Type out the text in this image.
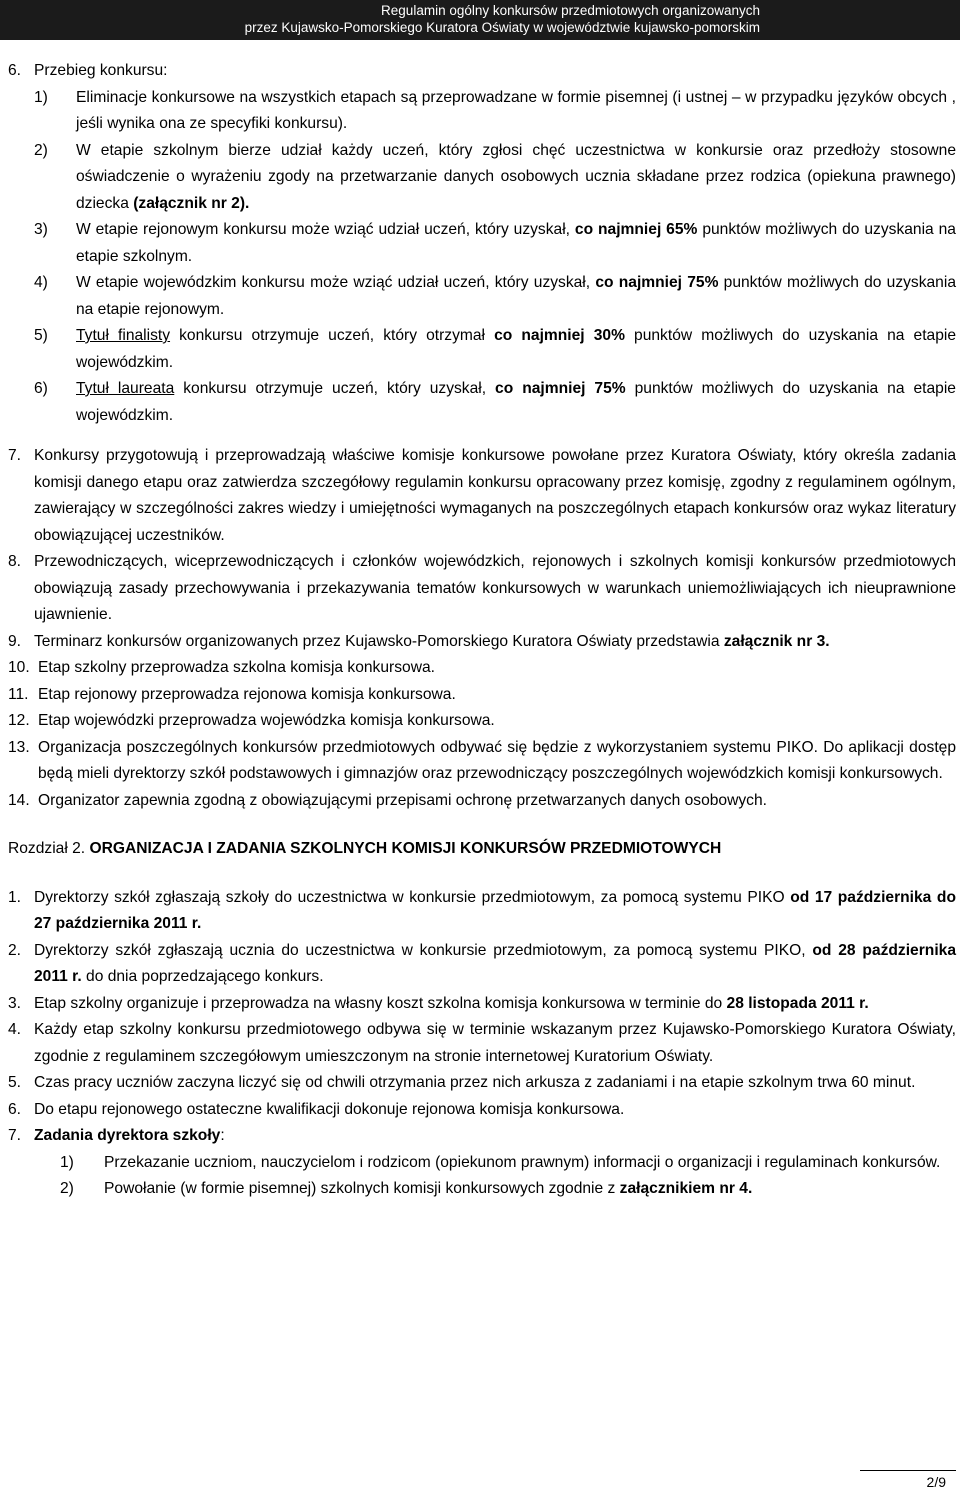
Regulamin ogólny konkursów przedmiotowych organizowanych
przez Kujawsko-Pomorskiego Kuratora Oświaty w województwie kujawsko-pomorskim
6. Przebieg konkursu:
1)	Eliminacje konkursowe na wszystkich etapach są przeprowadzane w formie pisemnej (i ustnej – w przypadku języków obcych , jeśli wynika ona ze specyfiki konkursu).
2)	W etapie szkolnym bierze udział każdy uczeń, który zgłosi chęć uczestnictwa w konkursie oraz przedłoży stosowne oświadczenie o wyrażeniu zgody na przetwarzanie danych osobowych ucznia składane przez rodzica (opiekuna prawnego) dziecka (załącznik nr 2).
3)	W etapie rejonowym konkursu może wziąć udział uczeń, który uzyskał, co najmniej 65% punktów możliwych do uzyskania na etapie szkolnym.
4)	W etapie wojewódzkim konkursu może wziąć udział uczeń, który uzyskał, co najmniej 75% punktów możliwych do uzyskania na etapie rejonowym.
5)	Tytuł finalisty konkursu otrzymuje uczeń, który otrzymał co najmniej 30% punktów możliwych do uzyskania na etapie wojewódzkim.
6)	Tytuł laureata konkursu otrzymuje uczeń, który uzyskał, co najmniej 75% punktów możliwych do uzyskania na etapie wojewódzkim.
7. Konkursy przygotowują i przeprowadzają właściwe komisje konkursowe powołane przez Kuratora Oświaty, który określa zadania komisji danego etapu oraz zatwierdza szczegółowy regulamin konkursu opracowany przez komisję, zgodny z regulaminem ogólnym, zawierający w szczególności zakres wiedzy i umiejętności wymaganych na poszczególnych etapach konkursów oraz wykaz literatury obowiązującej uczestników.
8. Przewodniczących, wiceprzewodniczących i członków wojewódzkich, rejonowych i szkolnych komisji konkursów przedmiotowych obowiązują zasady przechowywania i przekazywania tematów konkursowych w warunkach uniemożliwiających ich nieuprawnione ujawnienie.
9. Terminarz konkursów organizowanych przez Kujawsko-Pomorskiego Kuratora Oświaty przedstawia załącznik nr 3.
10. Etap szkolny przeprowadza szkolna komisja konkursowa.
11. Etap rejonowy przeprowadza rejonowa komisja konkursowa.
12. Etap wojewódzki przeprowadza wojewódzka komisja konkursowa.
13. Organizacja poszczególnych konkursów przedmiotowych odbywać się będzie z wykorzystaniem systemu PIKO. Do aplikacji dostęp będą mieli dyrektorzy szkół podstawowych i gimnazjów oraz przewodniczący poszczególnych wojewódzkich komisji konkursowych.
14. Organizator zapewnia zgodną z obowiązującymi przepisami ochronę przetwarzanych danych osobowych.
Rozdział 2. ORGANIZACJA I ZADANIA SZKOLNYCH KOMISJI KONKURSÓW PRZEDMIOTOWYCH
1. Dyrektorzy szkół zgłaszają szkoły do uczestnictwa w konkursie przedmiotowym, za pomocą systemu PIKO od 17 października do 27 października 2011 r.
2. Dyrektorzy szkół zgłaszają ucznia do uczestnictwa w konkursie przedmiotowym, za pomocą systemu PIKO, od 28 października 2011 r. do dnia poprzedzającego konkurs.
3. Etap szkolny organizuje i przeprowadza na własny koszt szkolna komisja konkursowa w terminie do 28 listopada 2011 r.
4. Każdy etap szkolny konkursu przedmiotowego odbywa się w terminie wskazanym przez Kujawsko-Pomorskiego Kuratora Oświaty, zgodnie z regulaminem szczegółowym umieszczonym na stronie internetowej Kuratorium Oświaty.
5. Czas pracy uczniów zaczyna liczyć się od chwili otrzymania przez nich arkusza z zadaniami i na etapie szkolnym trwa 60 minut.
6. Do etapu rejonowego ostateczne kwalifikacji dokonuje rejonowa komisja konkursowa.
7. Zadania dyrektora szkoły:
1)	Przekazanie uczniom, nauczycielom i rodzicom (opiekunom prawnym) informacji o organizacji i regulaminach konkursów.
2)	Powołanie (w formie pisemnej) szkolnych komisji konkursowych zgodnie z załącznikiem nr 4.
2/9
